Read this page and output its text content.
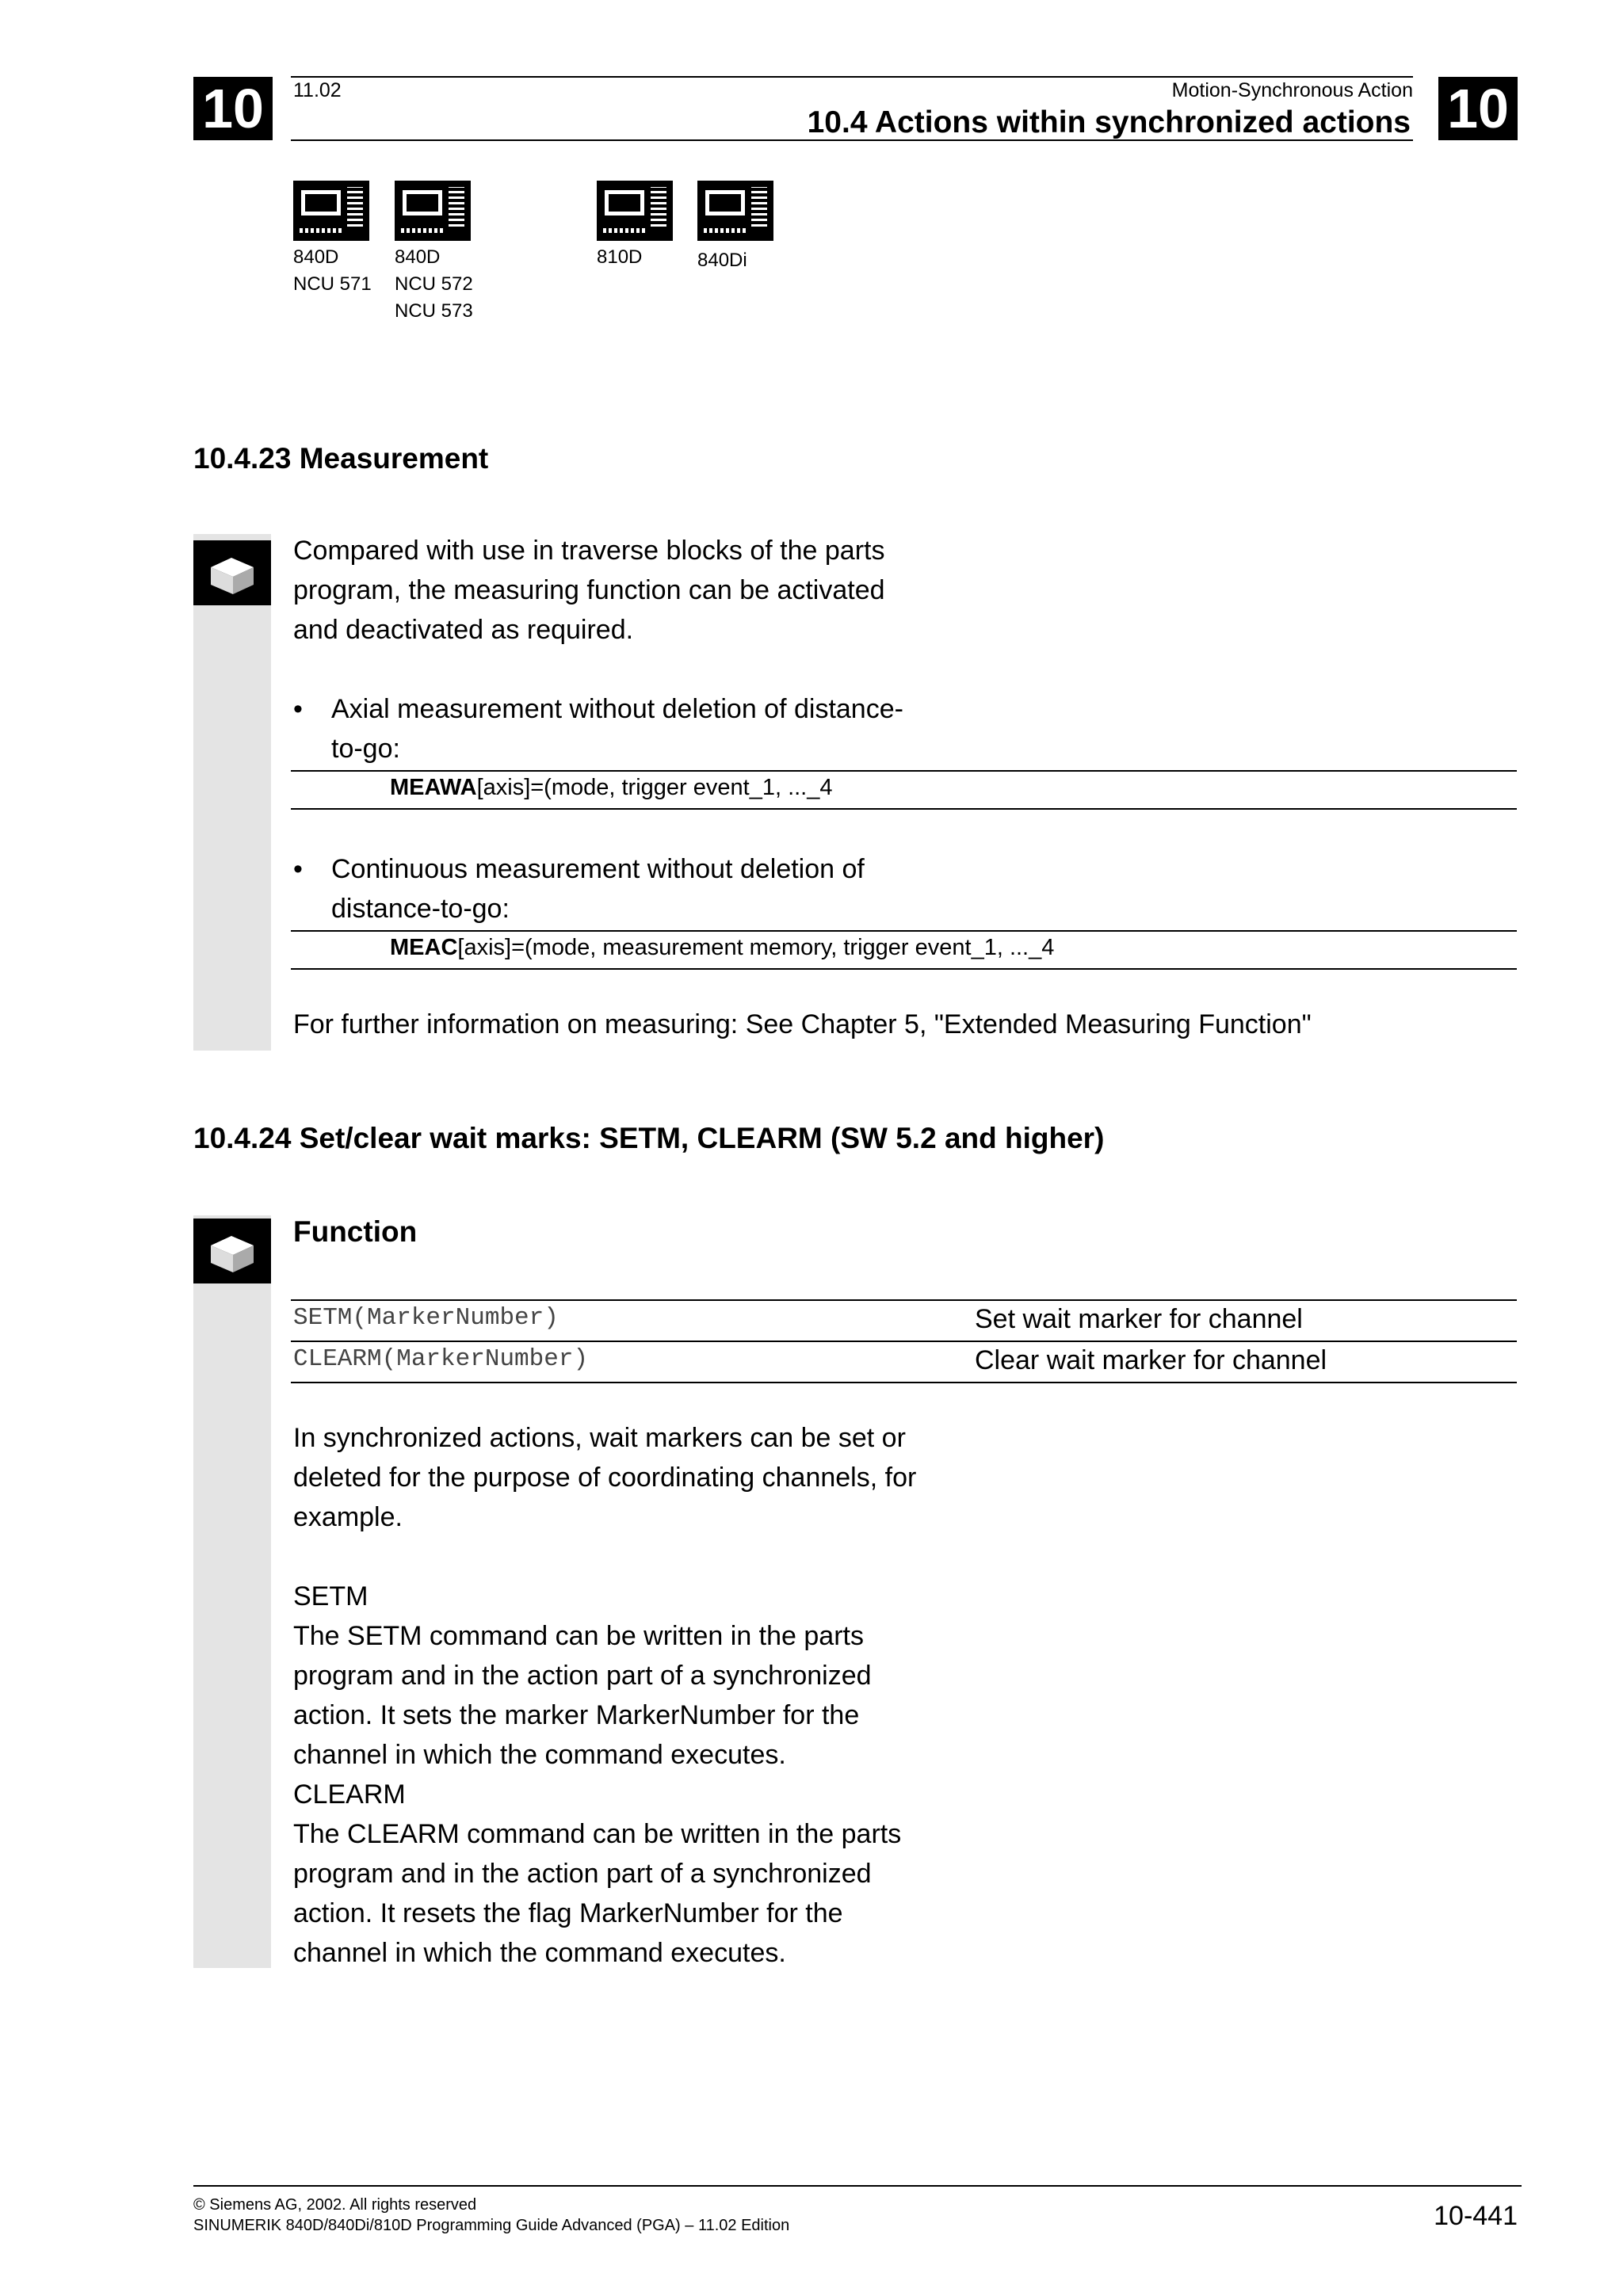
10	10
11.02	Motion-Synchronous Action
10.4 Actions within synchronized actions
840D
NCU 571
840D
NCU 572
NCU 573
810D	840Di
10.4.23 Measurement
Compared with use in traverse blocks of the parts
program, the measuring function can be activated
and deactivated as required.
• Axial measurement without deletion of distance-
to-go:
MEAWA[axis]=(mode, trigger event_1, ..._4
• Continuous measurement without deletion of
distance-to-go:
MEAC[axis]=(mode, measurement memory, trigger event_1, ..._4
For further information on measuring: See Chapter 5, "Extended Measuring Function"
10.4.24 Set/clear wait marks: SETM, CLEARM (SW 5.2 and higher)
Function
SETM(MarkerNumber)	Set wait marker for channel
CLEARM(MarkerNumber)	Clear wait marker for channel
In synchronized actions, wait markers can be set or
deleted for the purpose of coordinating channels, for
example.
SETM
The SETM command can be written in the parts
program and in the action part of a synchronized
action. It sets the marker MarkerNumber for the
channel in which the command executes.
CLEARM
The CLEARM command can be written in the parts
program and in the action part of a synchronized
action. It resets the flag MarkerNumber for the
channel in which the command executes.
© Siemens AG, 2002. All rights reserved
SINUMERIK 840D/840Di/810D Programming Guide Advanced (PGA) – 11.02 Edition	10-441
